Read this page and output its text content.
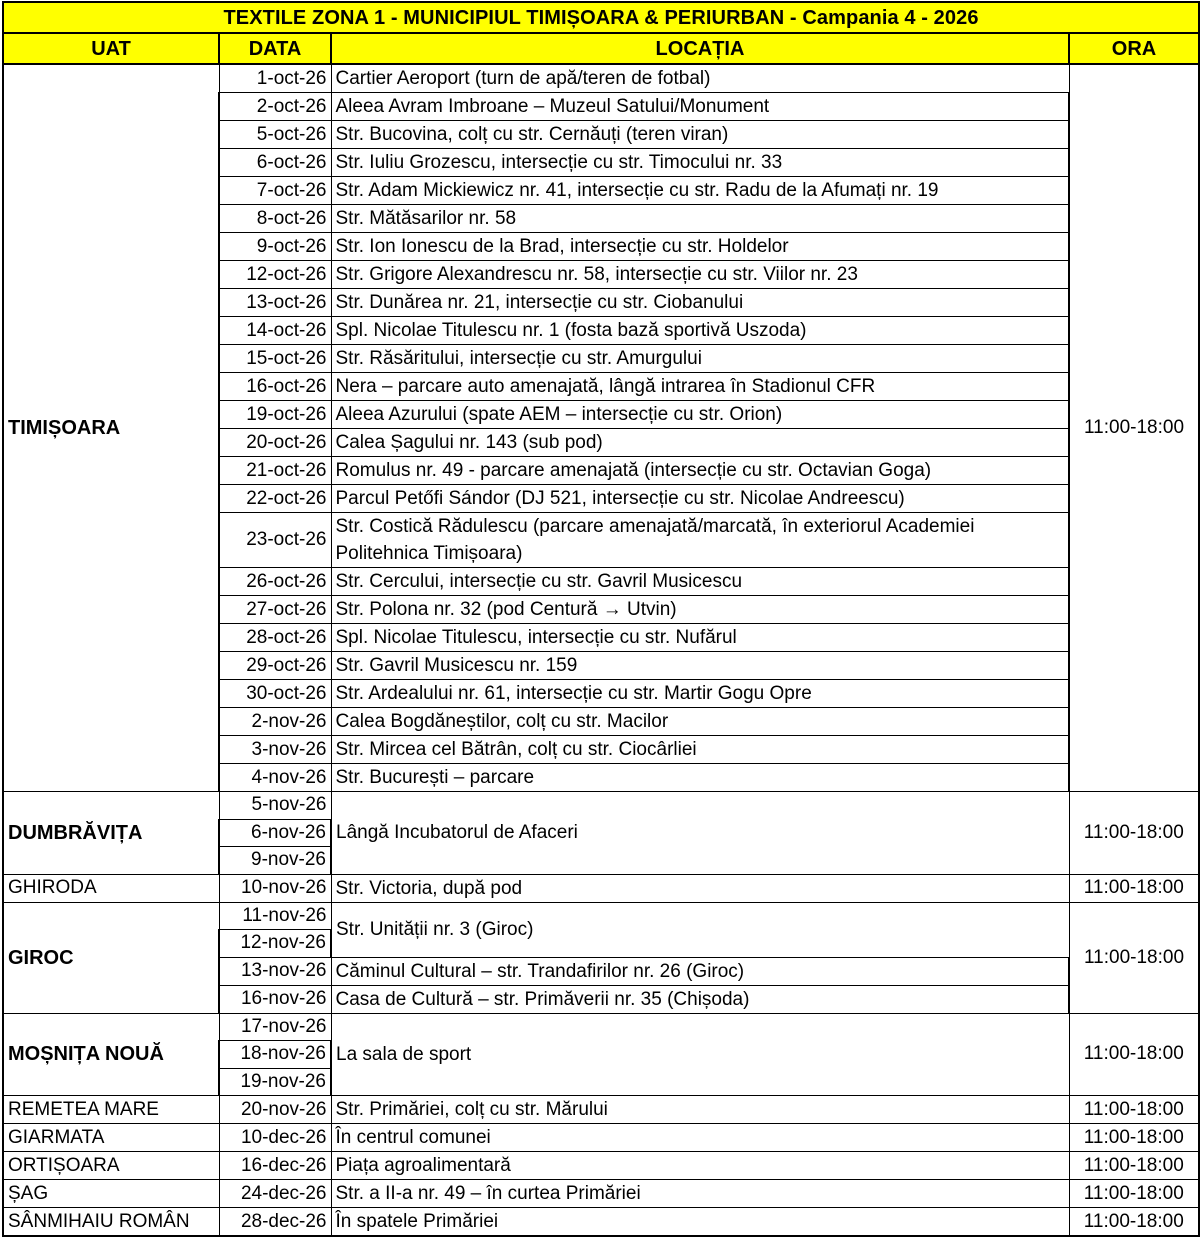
TEXTILE ZONA 1 - MUNICIPIUL TIMIȘOARA & PERIURBAN - Campania 4 - 2026			
UAT	DATA	LOCAȚIA	ORA
TIMIȘOARA	1-oct-26	Cartier Aeroport (turn de apă/teren de fotbal)	11:00-18:00
	2-oct-26	Aleea Avram Imbroane – Muzeul Satului/Monument	
	5-oct-26	Str. Bucovina, colț cu str. Cernăuți (teren viran)	
	6-oct-26	Str. Iuliu Grozescu, intersecție cu str. Timocului nr. 33	
	7-oct-26	Str. Adam Mickiewicz nr. 41, intersecție cu str. Radu de la Afumați nr. 19	
	8-oct-26	Str. Mătăsarilor nr. 58	
	9-oct-26	Str. Ion Ionescu de la Brad, intersecție cu str. Holdelor	
	12-oct-26	Str. Grigore Alexandrescu nr. 58, intersecție cu str. Viilor nr. 23	
	13-oct-26	Str. Dunărea nr. 21, intersecție cu str. Ciobanului	
	14-oct-26	Spl. Nicolae Titulescu nr. 1 (fosta bază sportivă Uszoda)	
	15-oct-26	Str. Răsăritului, intersecție cu str. Amurgului	
	16-oct-26	Nera – parcare auto amenajată, lângă intrarea în Stadionul CFR	
	19-oct-26	Aleea Azurului (spate AEM – intersecție cu str. Orion)	
	20-oct-26	Calea Șagului nr. 143 (sub pod)	
	21-oct-26	Romulus nr. 49 - parcare amenajată (intersecție cu str. Octavian Goga)	
	22-oct-26	Parcul Petőfi Sándor (DJ 521, intersecție cu str. Nicolae Andreescu)	
	23-oct-26	Str. Costică Rădulescu (parcare amenajată/marcată, în exteriorul Academiei Politehnica Timișoara)	
	26-oct-26	Str. Cercului, intersecție cu str. Gavril Musicescu	
	27-oct-26	Str. Polona nr. 32 (pod Centură → Utvin)	
	28-oct-26	Spl. Nicolae Titulescu, intersecție cu str. Nufărul	
	29-oct-26	Str. Gavril Musicescu nr. 159	
	30-oct-26	Str. Ardealului nr. 61, intersecție cu str. Martir Gogu Opre	
	2-nov-26	Calea Bogdăneștilor, colț cu str. Macilor	
	3-nov-26	Str. Mircea cel Bătrân, colț cu str. Ciocârliei	
	4-nov-26	Str. București – parcare	
DUMBRĂVIȚA	5-nov-26	Lângă Incubatorul de Afaceri	11:00-18:00
	6-nov-26		
	9-nov-26		
GHIRODA	10-nov-26	Str. Victoria, după pod	11:00-18:00
GIROC	11-nov-26	Str. Unității nr. 3 (Giroc)	11:00-18:00
	12-nov-26		
	13-nov-26	Căminul Cultural – str. Trandafirilor nr. 26 (Giroc)	
	16-nov-26	Casa de Cultură – str. Primăverii nr. 35 (Chișoda)	
MOȘNIȚA NOUĂ	17-nov-26	La sala de sport	11:00-18:00
	18-nov-26		
	19-nov-26		
REMETEA MARE	20-nov-26	Str. Primăriei, colț cu str. Mărului	11:00-18:00
GIARMATA	10-dec-26	În centrul comunei	11:00-18:00
ORTIȘOARA	16-dec-26	Piața agroalimentară	11:00-18:00
ȘAG	24-dec-26	Str. a II-a nr. 49 – în curtea Primăriei	11:00-18:00
SÂNMIHAIU ROMÂN	28-dec-26	În spatele Primăriei	11:00-18:00
